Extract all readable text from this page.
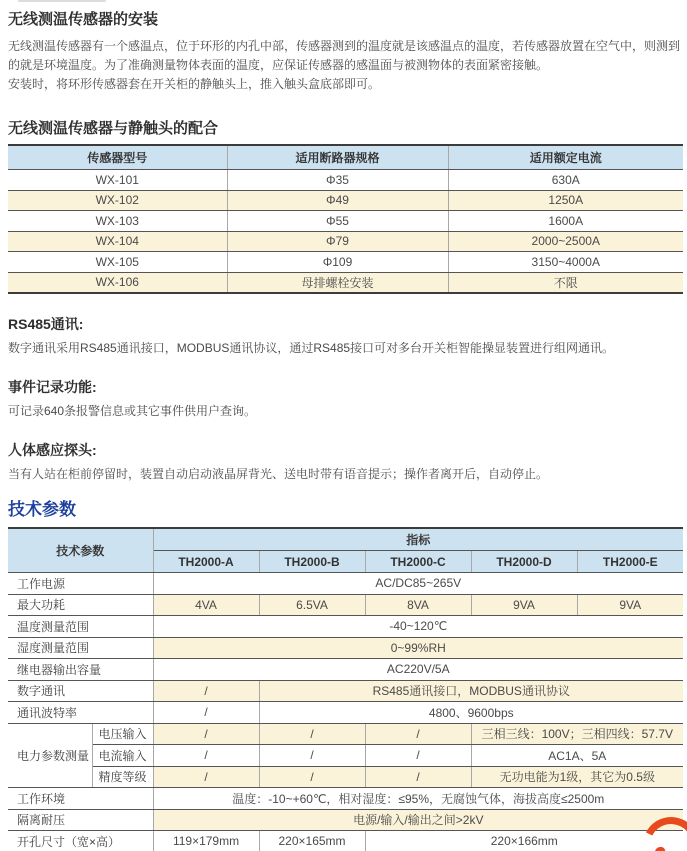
无线测温传感器的安装

无线测温传感器有一个感温点，位于环形的内孔中部，传感器测到的温度就是该感温点的温度，若传感器放置在空气中，则测到的就是环境温度。为了准确测量物体表面的温度，应保证传感器的感温面与被测物体的表面紧密接触。

安装时，将环形传感器套在开关柜的静触头上，推入触头盒底部即可。

无线测温传感器与静触头的配合
传感器型号	适用断路器规格	适用额定电流
WX-101	Φ35	630A
WX-102	Φ49	1250A
WX-103	Φ55	1600A
WX-104	Φ79	2000~2500A
WX-105	Φ109	3150~4000A
WX-106	母排螺栓安装	不限
RS485通讯:

数字通讯采用RS485通讯接口，MODBUS通讯协议，通过RS485接口可对多台开关柜智能操显装置进行组网通讯。

事件记录功能:

可记录640条报警信息或其它事件供用户查询。

人体感应探头:

当有人站在柜前停留时，装置自动启动液晶屏背光、送电时带有语音提示；操作者离开后，自动停止。

技术参数
技术参数		指标				
		TH2000-A	TH2000-B	TH2000-C	TH2000-D	TH2000-E
工作电源		AC/DC85~265V				
最大功耗		4VA	6.5VA	8VA	9VA	9VA
温度测量范围		-40~120℃				
湿度测量范围		0~99%RH				
继电器输出容量		AC220V/5A				
数字通讯		/	RS485通讯接口，MODBUS通讯协议			
通讯波特率		/	4800、9600bps			
电力参数测量	电压输入	/	/	/	三相三线：100V；三相四线：57.7V	
	电流输入	/	/	/	AC1A、5A	
	精度等级	/	/	/	无功电能为1级，其它为0.5级	
工作环境		温度：-10~+60℃，相对湿度：≤95%，无腐蚀气体，海拔高度≤2500m				
隔离耐压		电源/输入/输出之间>2kV				
开孔尺寸（宽×高）		119×179mm	220×165mm	220×166mm		
